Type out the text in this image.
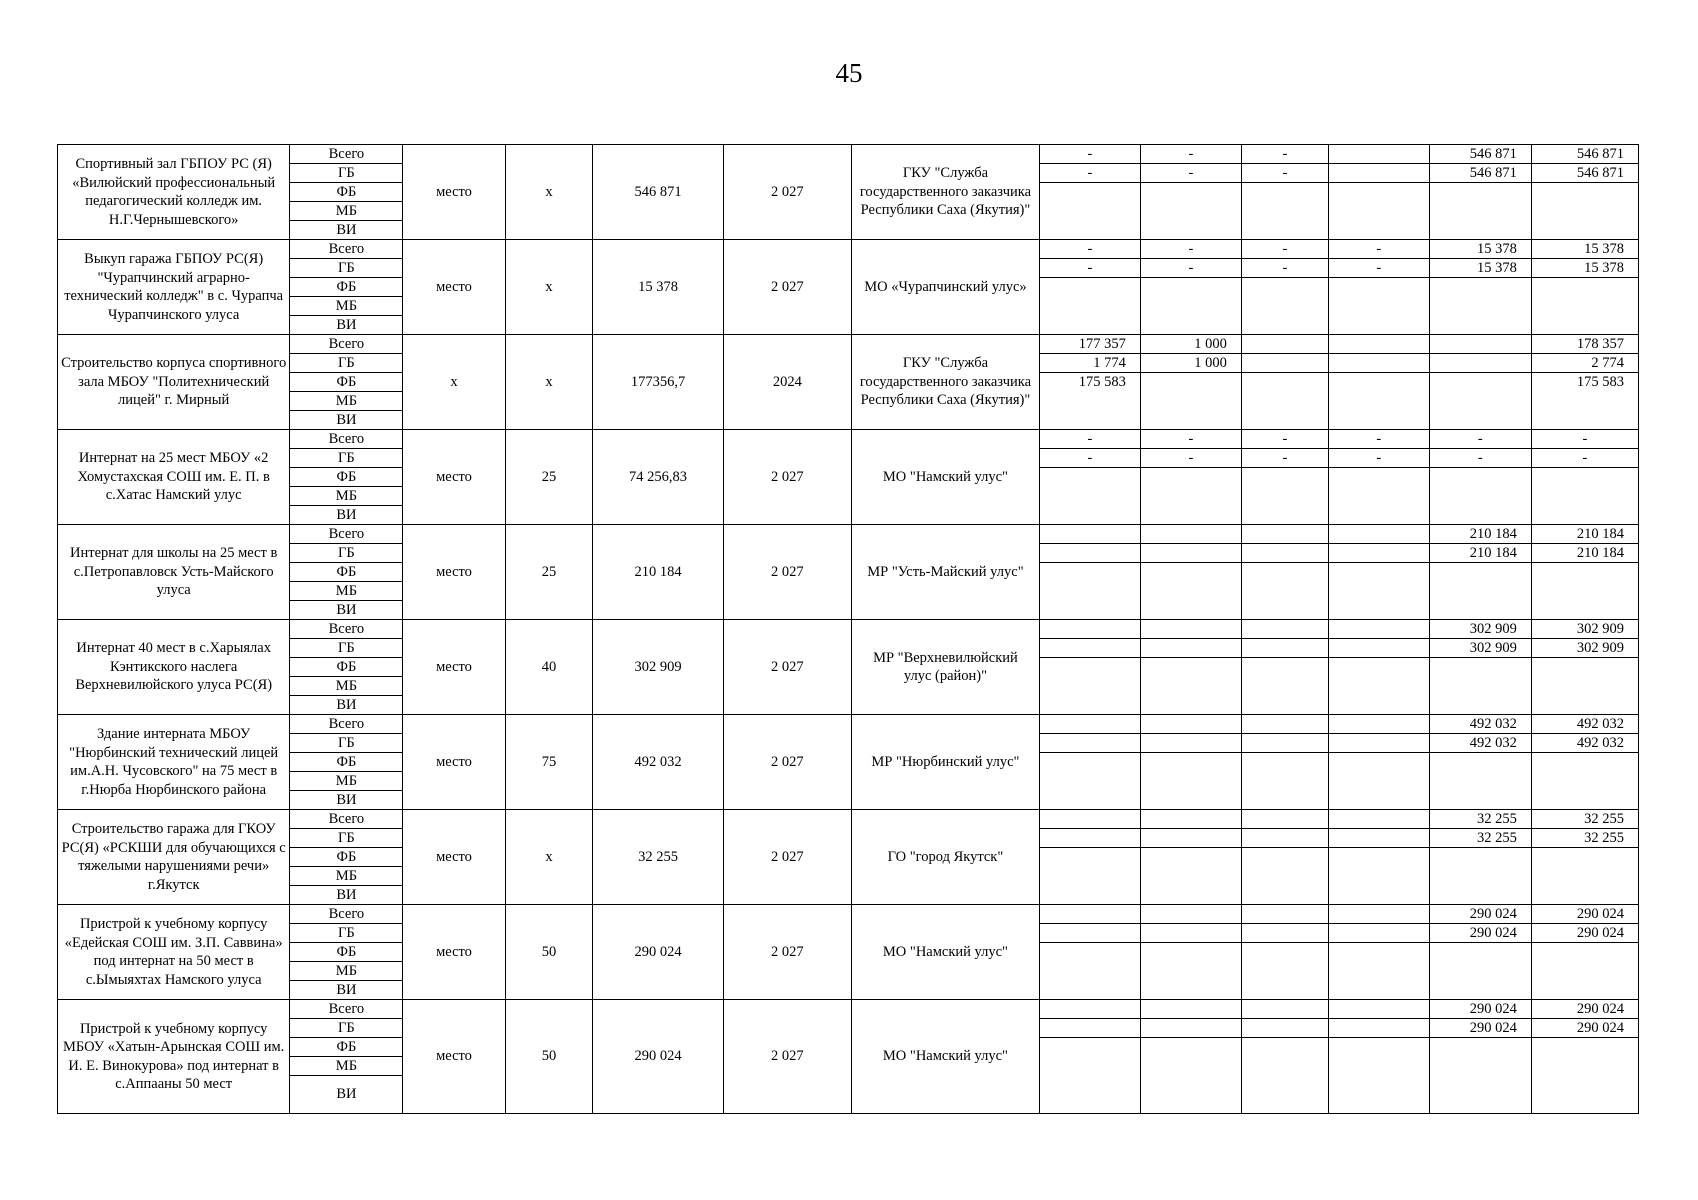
45
Спортивный зал ГБПОУ РС (Я) «Вилюйский профессиональный педагогический колледж им. Н.Г.Чернышевского»	Всего	место	х	546 871	2 027	ГКУ "Служба государственного заказчика Республики Саха (Якутия)"	-	-	-		546 871	546 871
	ГБ						-	-	-		546 871	546 871
	ФБ											
	МБ											
	ВИ											
Выкуп гаража ГБПОУ РС(Я) "Чурапчинский аграрно-технический колледж" в с. Чурапча Чурапчинского улуса	Всего	место	х	15 378	2 027	МО «Чурапчинский улус»	-	-	-	-	15 378	15 378
	ГБ						-	-	-	-	15 378	15 378
	ФБ											
	МБ											
	ВИ											
Строительство корпуса спортивного зала МБОУ "Политехнический лицей" г. Мирный	Всего	х	х	177356,7	2024	ГКУ "Служба государственного заказчика Республики Саха (Якутия)"	177 357	1 000				178 357
	ГБ						1 774	1 000				2 774
	ФБ						175 583					175 583
	МБ											
	ВИ											
Интернат на 25 мест МБОУ «2 Хомустахская СОШ им. Е. П. в с.Хатас Намский улус	Всего	место	25	74 256,83	2 027	МО "Намский улус"	-	-	-	-	-	-
	ГБ						-	-	-	-	-	-
	ФБ											
	МБ											
	ВИ											
Интернат для школы на 25 мест в с.Петропавловск Усть-Майского улуса	Всего	место	25	210 184	2 027	МР "Усть-Майский улус"					210 184	210 184
	ГБ										210 184	210 184
	ФБ											
	МБ											
	ВИ											
Интернат 40 мест в с.Харыялах Кэнтикского наслега Верхневилюйского улуса РС(Я)	Всего	место	40	302 909	2 027	МР "Верхневилюйский улус (район)"					302 909	302 909
	ГБ										302 909	302 909
	ФБ											
	МБ											
	ВИ											
Здание интерната МБОУ "Нюрбинский технический лицей им.А.Н. Чусовского" на 75 мест в г.Нюрба Нюрбинского района	Всего	место	75	492 032	2 027	МР "Нюрбинский улус"					492 032	492 032
	ГБ										492 032	492 032
	ФБ											
	МБ											
	ВИ											
Строительство гаража для ГКОУ РС(Я) «РСКШИ для обучающихся с тяжелыми нарушениями речи» г.Якутск	Всего	место	х	32 255	2 027	ГО "город Якутск"					32 255	32 255
	ГБ										32 255	32 255
	ФБ											
	МБ											
	ВИ											
Пристрой к учебному корпусу «Едейская СОШ им. З.П. Саввина» под интернат на 50 мест в с.Ымыяхтах Намского улуса	Всего	место	50	290 024	2 027	МО "Намский улус"					290 024	290 024
	ГБ										290 024	290 024
	ФБ											
	МБ											
	ВИ											
Пристрой к учебному корпусу МБОУ «Хатын-Арынская СОШ им. И. Е. Винокурова» под интернат в с.Аппааны 50 мест	Всего	место	50	290 024	2 027	МО "Намский улус"					290 024	290 024
	ГБ										290 024	290 024
	ФБ											
	МБ											
	ВИ											
